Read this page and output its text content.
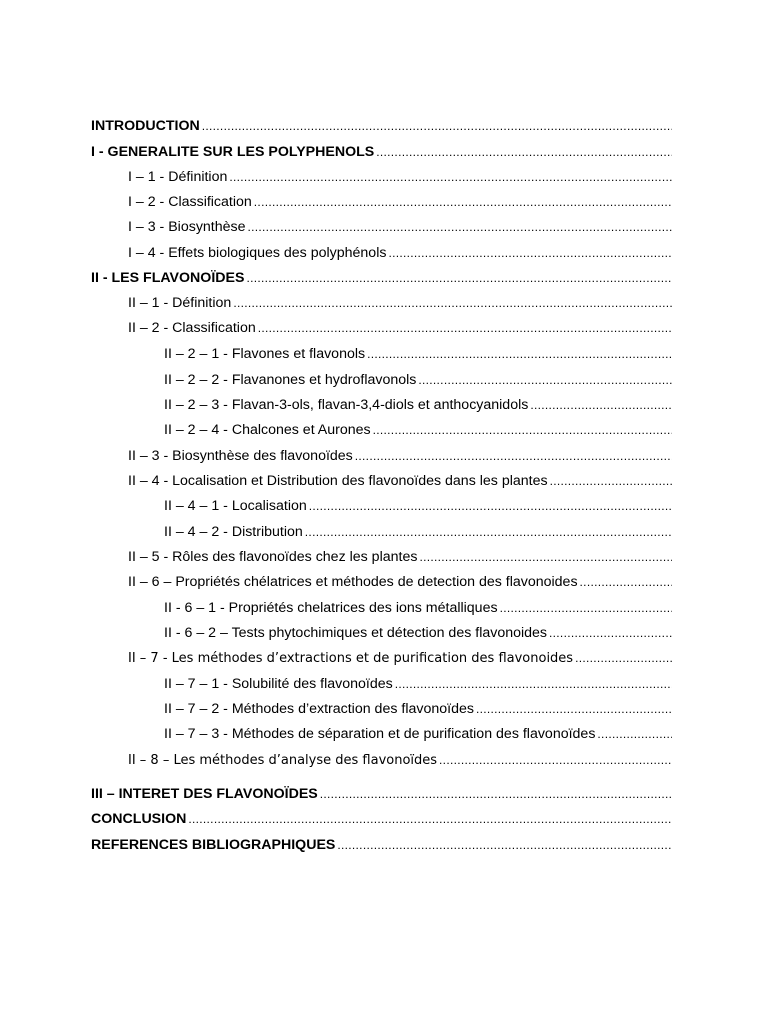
INTRODUCTION
.....
I - GENERALITE SUR LES POLYPHENOLS
.....
I – 1 - Définition
.....
I – 2 - Classification
.....
I – 3 - Biosynthèse
.....
I – 4 - Effets biologiques des polyphénols
.....
II - LES FLAVONOÏDES
.....
II – 1 - Définition
.....
II – 2 - Classification
.....
II – 2 – 1 - Flavones et flavonols
.....
II – 2 – 2 - Flavanones et hydroflavonols
.....
II – 2 – 3 - Flavan-3-ols, flavan-3,4-diols et anthocyanidols
.....
II – 2 – 4 - Chalcones et Aurones
.....
II – 3 - Biosynthèse des flavonoïdes
.....
II – 4 - Localisation et Distribution des flavonoïdes dans les plantes
.....
II – 4 – 1 - Localisation
.....
II – 4 – 2 - Distribution
.....
II – 5 - Rôles des flavonoïdes chez les plantes
.....
II – 6 – Propriétés chélatrices et méthodes de detection des flavonoides
.....
II - 6 – 1 - Propriétés chelatrices des ions métalliques
.....
II - 6 – 2 – Tests phytochimiques et détection des flavonoides
.....
II – 7 - Les méthodes d’extractions et de purification des flavonoides
.....
II – 7 – 1 - Solubilité des flavonoïdes
.....
II – 7 – 2 - Méthodes d’extraction des flavonoïdes
.....
II – 7 – 3 - Méthodes de séparation et de purification des flavonoïdes
.....
II – 8 – Les méthodes d’analyse des flavonoïdes
.....
III – INTERET DES FLAVONOÏDES
.....
CONCLUSION
.....
REFERENCES BIBLIOGRAPHIQUES
.....
